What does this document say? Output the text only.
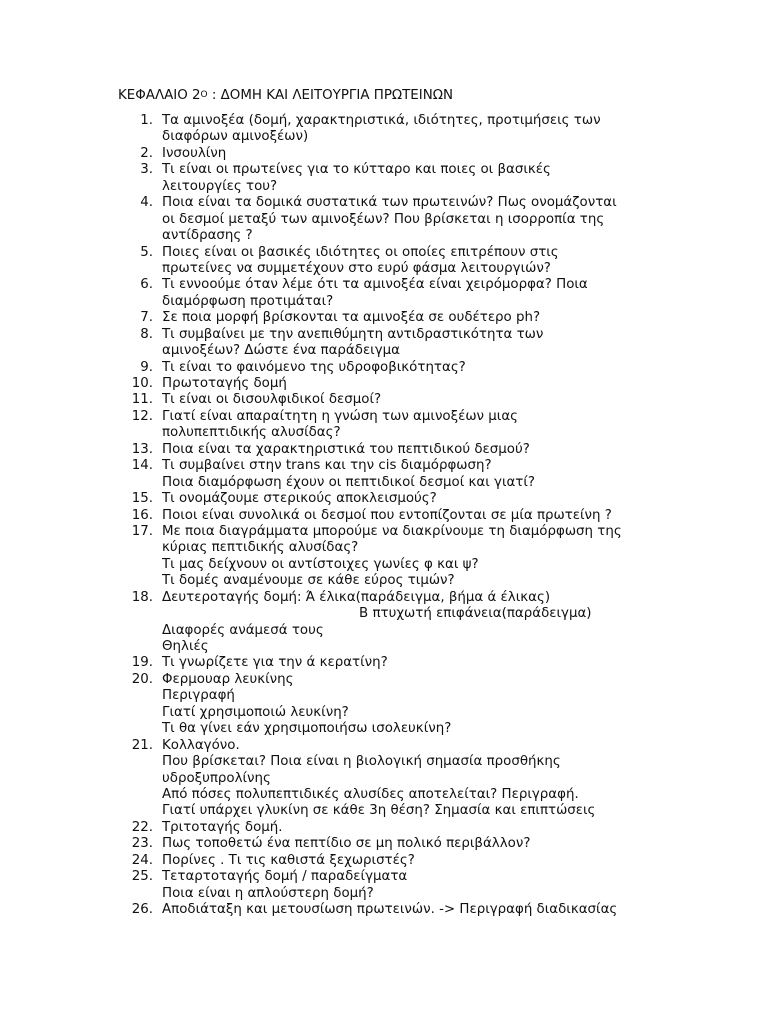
ΚΕΦΑΛΑΙΟ $2^O$ : ΔΟΜΗ ΚΑΙ ΛΕΙΤΟΥΡΓΙΑ ΠΡΩΤΕΙΝΩΝ
1. Τα αμινοξέα (δομή, χαρακτηριστικά, ιδιότητες, προτιμήσεις των
διαφόρων αμινοξέων)
2. Ινσουλίνη
3. Τι είναι οι πρωτείνες για το κύτταρο και ποιες οι βασικές
λειτουργίες του?
4. Ποια είναι τα δομικά συστατικά των πρωτεινών? Πως ονομάζονται
οι δεσμοί μεταξύ των αμινοξέων? Που βρίσκεται η ισορροπία της
αντίδρασης ?
5. Ποιες είναι οι βασικές ιδιότητες οι οποίες επιτρέπουν στις
πρωτείνες να συμμετέχουν στο ευρύ φάσμα λειτουργιών?
6. Τι εννοούμε όταν λέμε ότι τα αμινοξέα είναι χειρόμορφα? Ποια
διαμόρφωση προτιμάται?
7. Σε ποια μορφή βρίσκονται τα αμινοξέα σε ουδέτερο ph?
8. Τι συμβαίνει με την ανεπιθύμητη αντιδραστικότητα των
αμινοξέων? Δώστε ένα παράδειγμα
9. Τι είναι το φαινόμενο της υδροφοβικότητας?
10. Πρωτοταγής δομή
11. Τι είναι οι δισουλφιδικοί δεσμοί?
12. Γιατί είναι απαραίτητη η γνώση των αμινοξέων μιας
πολυπεπτιδικής αλυσίδας?
13. Ποια είναι τα χαρακτηριστικά του πεπτιδικού δεσμού?
14. Τι συμβαίνει στην trans και την cis διαμόρφωση?
Ποια διαμόρφωση έχουν οι πεπτιδικοί δεσμοί και γιατί?
15. Τι ονομάζουμε στερικούς αποκλεισμούς?
16. Ποιοι είναι συνολικά οι δεσμοί που εντοπίζονται σε μία πρωτείνη ?
17. Με ποια διαγράμματα μπορούμε να διακρίνουμε τη διαμόρφωση της
κύριας πεπτιδικής αλυσίδας?
Τι μας δείχνουν οι αντίστοιχες γωνίες φ και ψ?
Τι δομές αναμένουμε σε κάθε εύρος τιμών?
18. Δευτεροταγής δομή: Ά έλικα(παράδειγμα, βήμα ά έλικας)
Β πτυχωτή επιφάνεια(παράδειγμα)
Διαφορές ανάμεσά τους
Θηλιές
19. Τι γνωρίζετε για την ά κερατίνη?
20. Φερμουαρ λευκίνης
Περιγραφή
Γιατί χρησιμοποιώ λευκίνη?
Τι θα γίνει εάν χρησιμοποιήσω ισολευκίνη?
21. Κολλαγόνο.
Που βρίσκεται? Ποια είναι η βιολογική σημασία προσθήκης
υδροξυπρολίνης
Από πόσες πολυπεπτιδικές αλυσίδες αποτελείται? Περιγραφή.
Γιατί υπάρχει γλυκίνη σε κάθε 3η θέση? Σημασία και επιπτώσεις
22. Τριτοταγής δομή.
23. Πως τοποθετώ ένα πεπτίδιο σε μη πολικό περιβάλλον?
24. Πορίνες . Τι τις καθιστά ξεχωριστές?
25. Τεταρτοταγής δομή / παραδείγματα
Ποια είναι η απλούστερη δομή?
26. Αποδιάταξη και μετουσίωση πρωτεινών. -> Περιγραφή διαδικασίας
